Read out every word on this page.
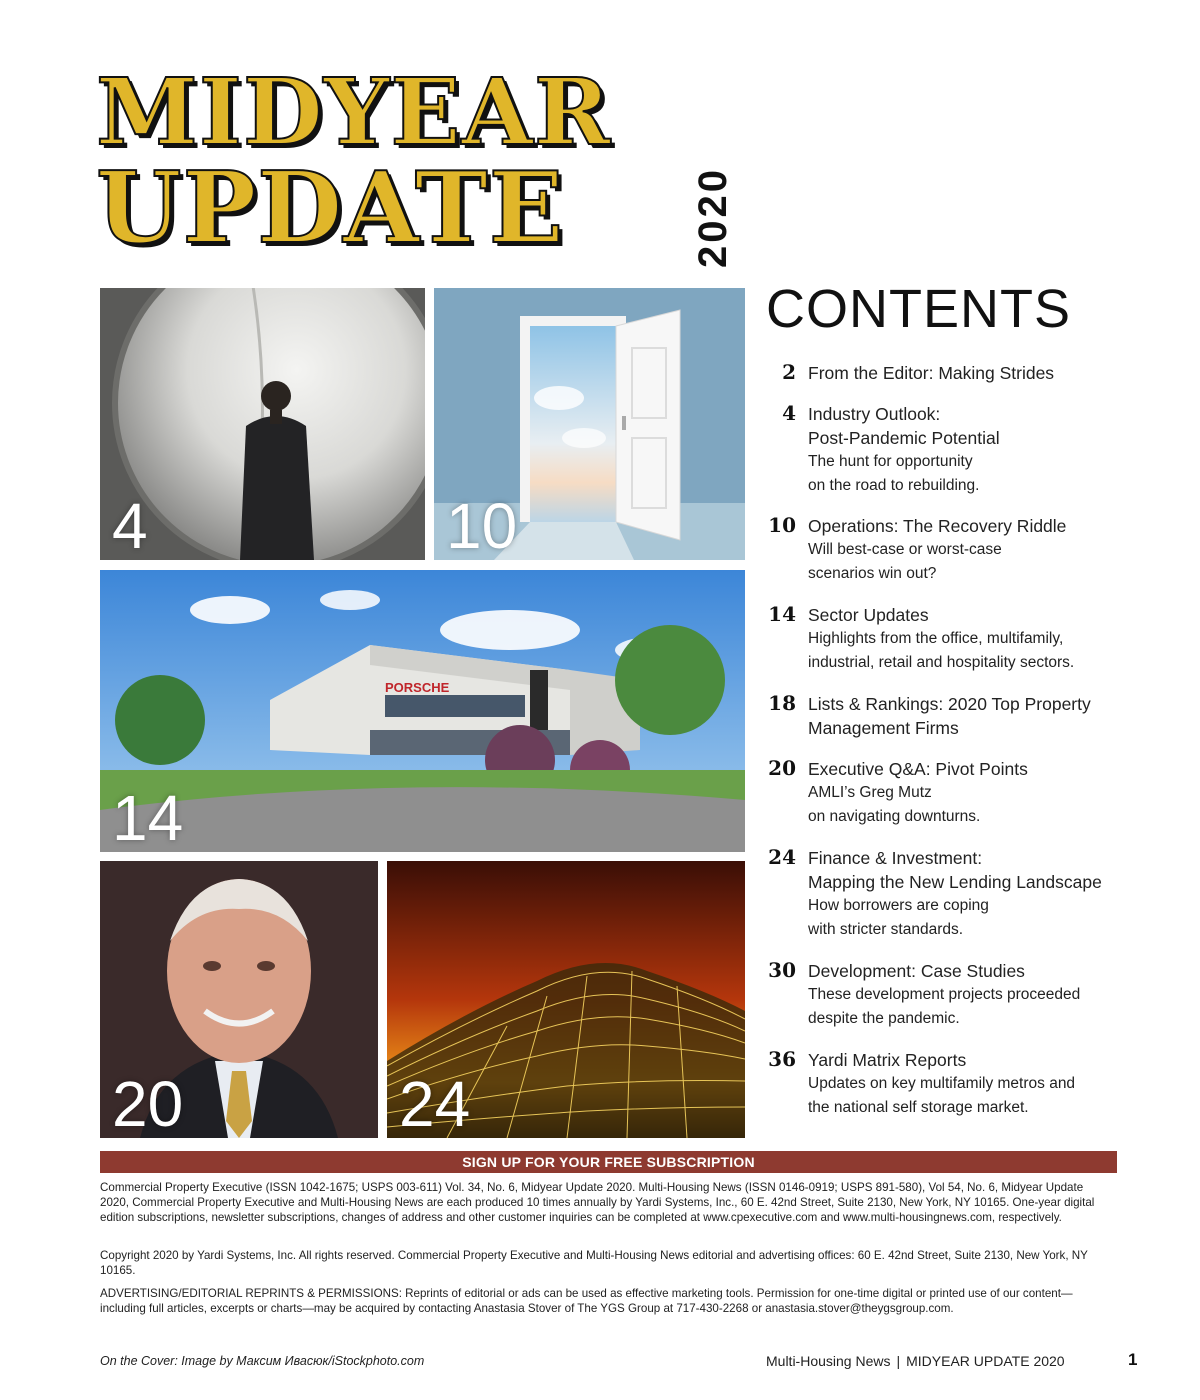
MIDYEAR
UPDATE	2020
4	10
PORSCHE
14
20	24
CONTENTS
2 From the Editor: Making Strides
4 Industry Outlook:
Post-Pandemic Potential
The hunt for opportunity
on the road to rebuilding.
10 Operations: The Recovery Riddle
Will best-case or worst-case
scenarios win out?
14 Sector Updates
Highlights from the office, multifamily,
industrial, retail and hospitality sectors.
18 Lists & Rankings: 2020 Top Property
Management Firms
20 Executive Q&A: Pivot Points
AMLI’s Greg Mutz
on navigating downturns.
24 Finance & Investment:
Mapping the New Lending Landscape
How borrowers are coping
with stricter standards.
30 Development: Case Studies
These development projects proceeded
despite the pandemic.
36 Yardi Matrix Reports
Updates on key multifamily metros and
the national self storage market.
SIGN UP FOR YOUR FREE SUBSCRIPTION
Commercial Property Executive (ISSN 1042-1675; USPS 003-611) Vol. 34, No. 6, Midyear Update 2020. Multi-Housing News (ISSN 0146-0919; USPS 891-580), Vol 54, No. 6, Midyear Update 2020, Commercial Property Executive and Multi-Housing News are each produced 10 times annually by Yardi Systems, Inc., 60 E. 42nd Street, Suite 2130, New York, NY 10165. One-year digital edition subscriptions, newsletter subscriptions, changes of address and other customer inquiries can be completed at www.cpexecutive.com and www.multi-housingnews.com, respectively.
Copyright 2020 by Yardi Systems, Inc. All rights reserved. Commercial Property Executive and Multi-Housing News editorial and advertising offices: 60 E. 42nd Street, Suite 2130, New York, NY 10165.
ADVERTISING/EDITORIAL REPRINTS & PERMISSIONS: Reprints of editorial or ads can be used as effective marketing tools. Permission for one-time digital or printed use of our content—including full articles, excerpts or charts—may be acquired by contacting Anastasia Stover of The YGS Group at 717-430-2268 or anastasia.stover@theygsgroup.com.
On the Cover: Image by Максим Ивасюк/iStockphoto.com	Multi-Housing News | MIDYEAR UPDATE 2020	1
